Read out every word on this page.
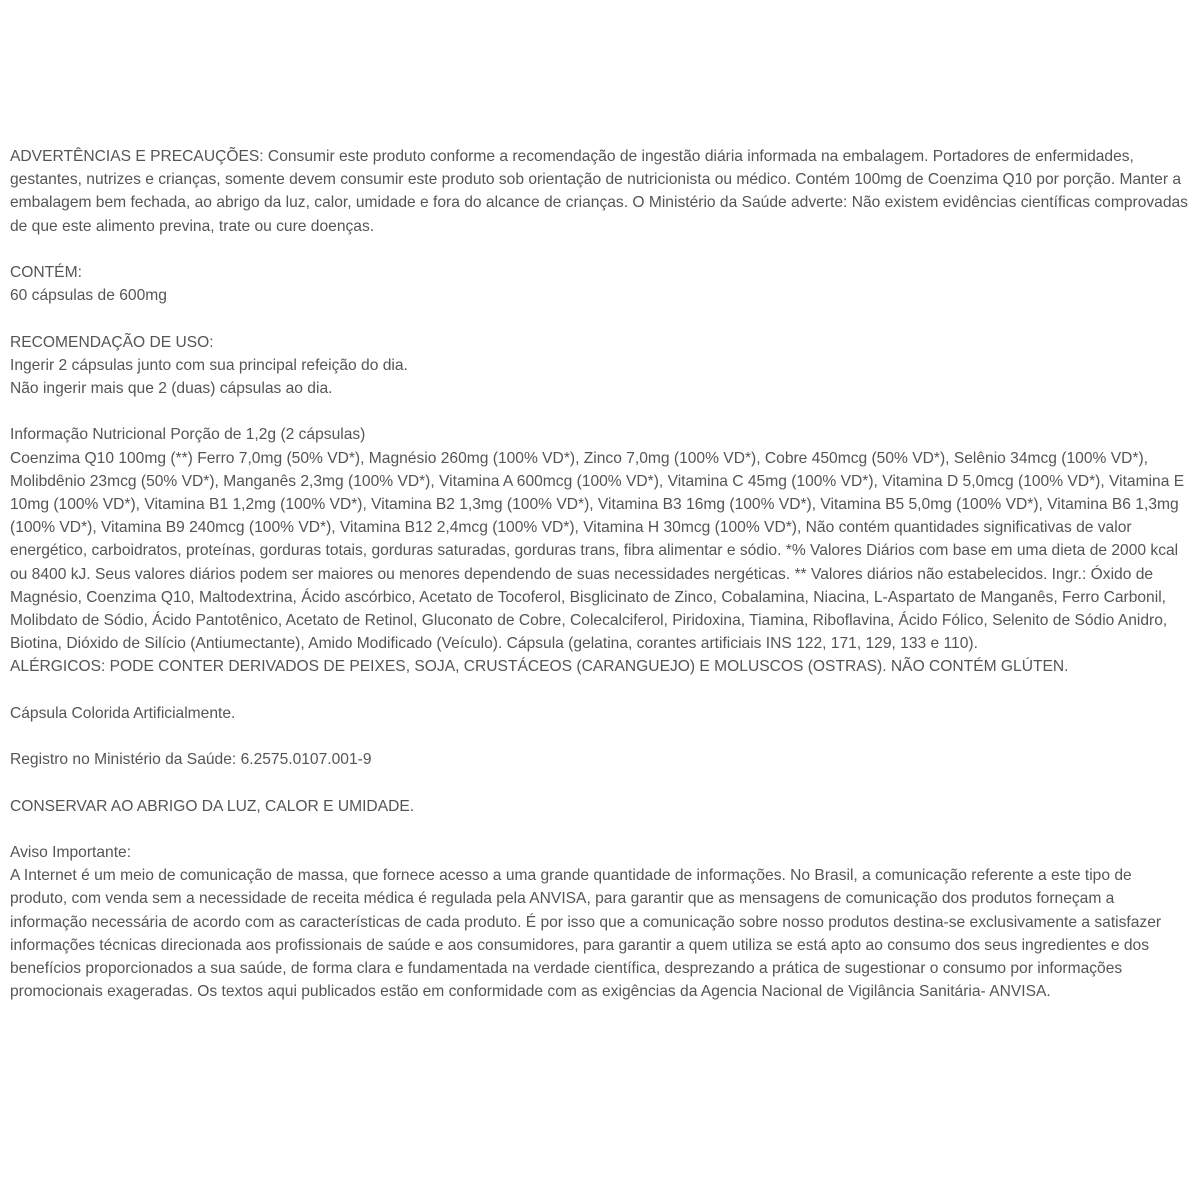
ADVERTÊNCIAS E PRECAUÇÕES: Consumir este produto conforme a recomendação de ingestão diária informada na embalagem. Portadores de enfermidades, gestantes, nutrizes e crianças, somente devem consumir este produto sob orientação de nutricionista ou médico. Contém 100mg de Coenzima Q10 por porção. Manter a embalagem bem fechada, ao abrigo da luz, calor, umidade e fora do alcance de crianças. O Ministério da Saúde adverte: Não existem evidências científicas comprovadas de que este alimento previna, trate ou cure doenças.

CONTÉM:

60 cápsulas de 600mg

RECOMENDAÇÃO DE USO:

Ingerir 2 cápsulas junto com sua principal refeição do dia.

Não ingerir mais que 2 (duas) cápsulas ao dia.

Informação Nutricional Porção de 1,2g (2 cápsulas)

Coenzima Q10 100mg (**) Ferro 7,0mg (50% VD*), Magnésio 260mg (100% VD*), Zinco 7,0mg (100% VD*), Cobre 450mcg (50% VD*), Selênio 34mcg (100% VD*), Molibdênio 23mcg (50% VD*), Manganês 2,3mg (100% VD*), Vitamina A 600mcg (100% VD*), Vitamina C 45mg (100% VD*), Vitamina D 5,0mcg (100% VD*), Vitamina E 10mg (100% VD*), Vitamina B1 1,2mg (100% VD*), Vitamina B2 1,3mg (100% VD*), Vitamina B3 16mg (100% VD*), Vitamina B5 5,0mg (100% VD*), Vitamina B6 1,3mg (100% VD*), Vitamina B9 240mcg (100% VD*), Vitamina B12 2,4mcg (100% VD*), Vitamina H 30mcg (100% VD*), Não contém quantidades significativas de valor energético, carboidratos, proteínas, gorduras totais, gorduras saturadas, gorduras trans, fibra alimentar e sódio. *% Valores Diários com base em uma dieta de 2000 kcal ou 8400 kJ. Seus valores diários podem ser maiores ou menores dependendo de suas necessidades nergéticas. ** Valores diários não estabelecidos. Ingr.: Óxido de Magnésio, Coenzima Q10, Maltodextrina, Ácido ascórbico, Acetato de Tocoferol, Bisglicinato de Zinco, Cobalamina, Niacina, L-Aspartato de Manganês, Ferro Carbonil, Molibdato de Sódio, Ácido Pantotênico, Acetato de Retinol, Gluconato de Cobre, Colecalciferol, Piridoxina, Tiamina, Riboflavina, Ácido Fólico, Selenito de Sódio Anidro, Biotina, Dióxido de Silício (Antiumectante), Amido Modificado (Veículo). Cápsula (gelatina, corantes artificiais INS 122, 171, 129, 133 e 110).

ALÉRGICOS: PODE CONTER DERIVADOS DE PEIXES, SOJA, CRUSTÁCEOS (CARANGUEJO) E MOLUSCOS (OSTRAS). NÃO CONTÉM GLÚTEN.

Cápsula Colorida Artificialmente.

Registro no Ministério da Saúde: 6.2575.0107.001-9

CONSERVAR AO ABRIGO DA LUZ, CALOR E UMIDADE.

Aviso Importante:

A Internet é um meio de comunicação de massa, que fornece acesso a uma grande quantidade de informações. No Brasil, a comunicação referente a este tipo de produto, com venda sem a necessidade de receita médica é regulada pela ANVISA, para garantir que as mensagens de comunicação dos produtos forneçam a informação necessária de acordo com as características de cada produto. É por isso que a comunicação sobre nosso produtos destina-se exclusivamente a satisfazer informações técnicas direcionada aos profissionais de saúde e aos consumidores, para garantir a quem utiliza se está apto ao consumo dos seus ingredientes e dos benefícios proporcionados a sua saúde, de forma clara e fundamentada na verdade científica, desprezando a prática de sugestionar o consumo por informações promocionais exageradas. Os textos aqui publicados estão em conformidade com as exigências da Agencia Nacional de Vigilância Sanitária- ANVISA.
